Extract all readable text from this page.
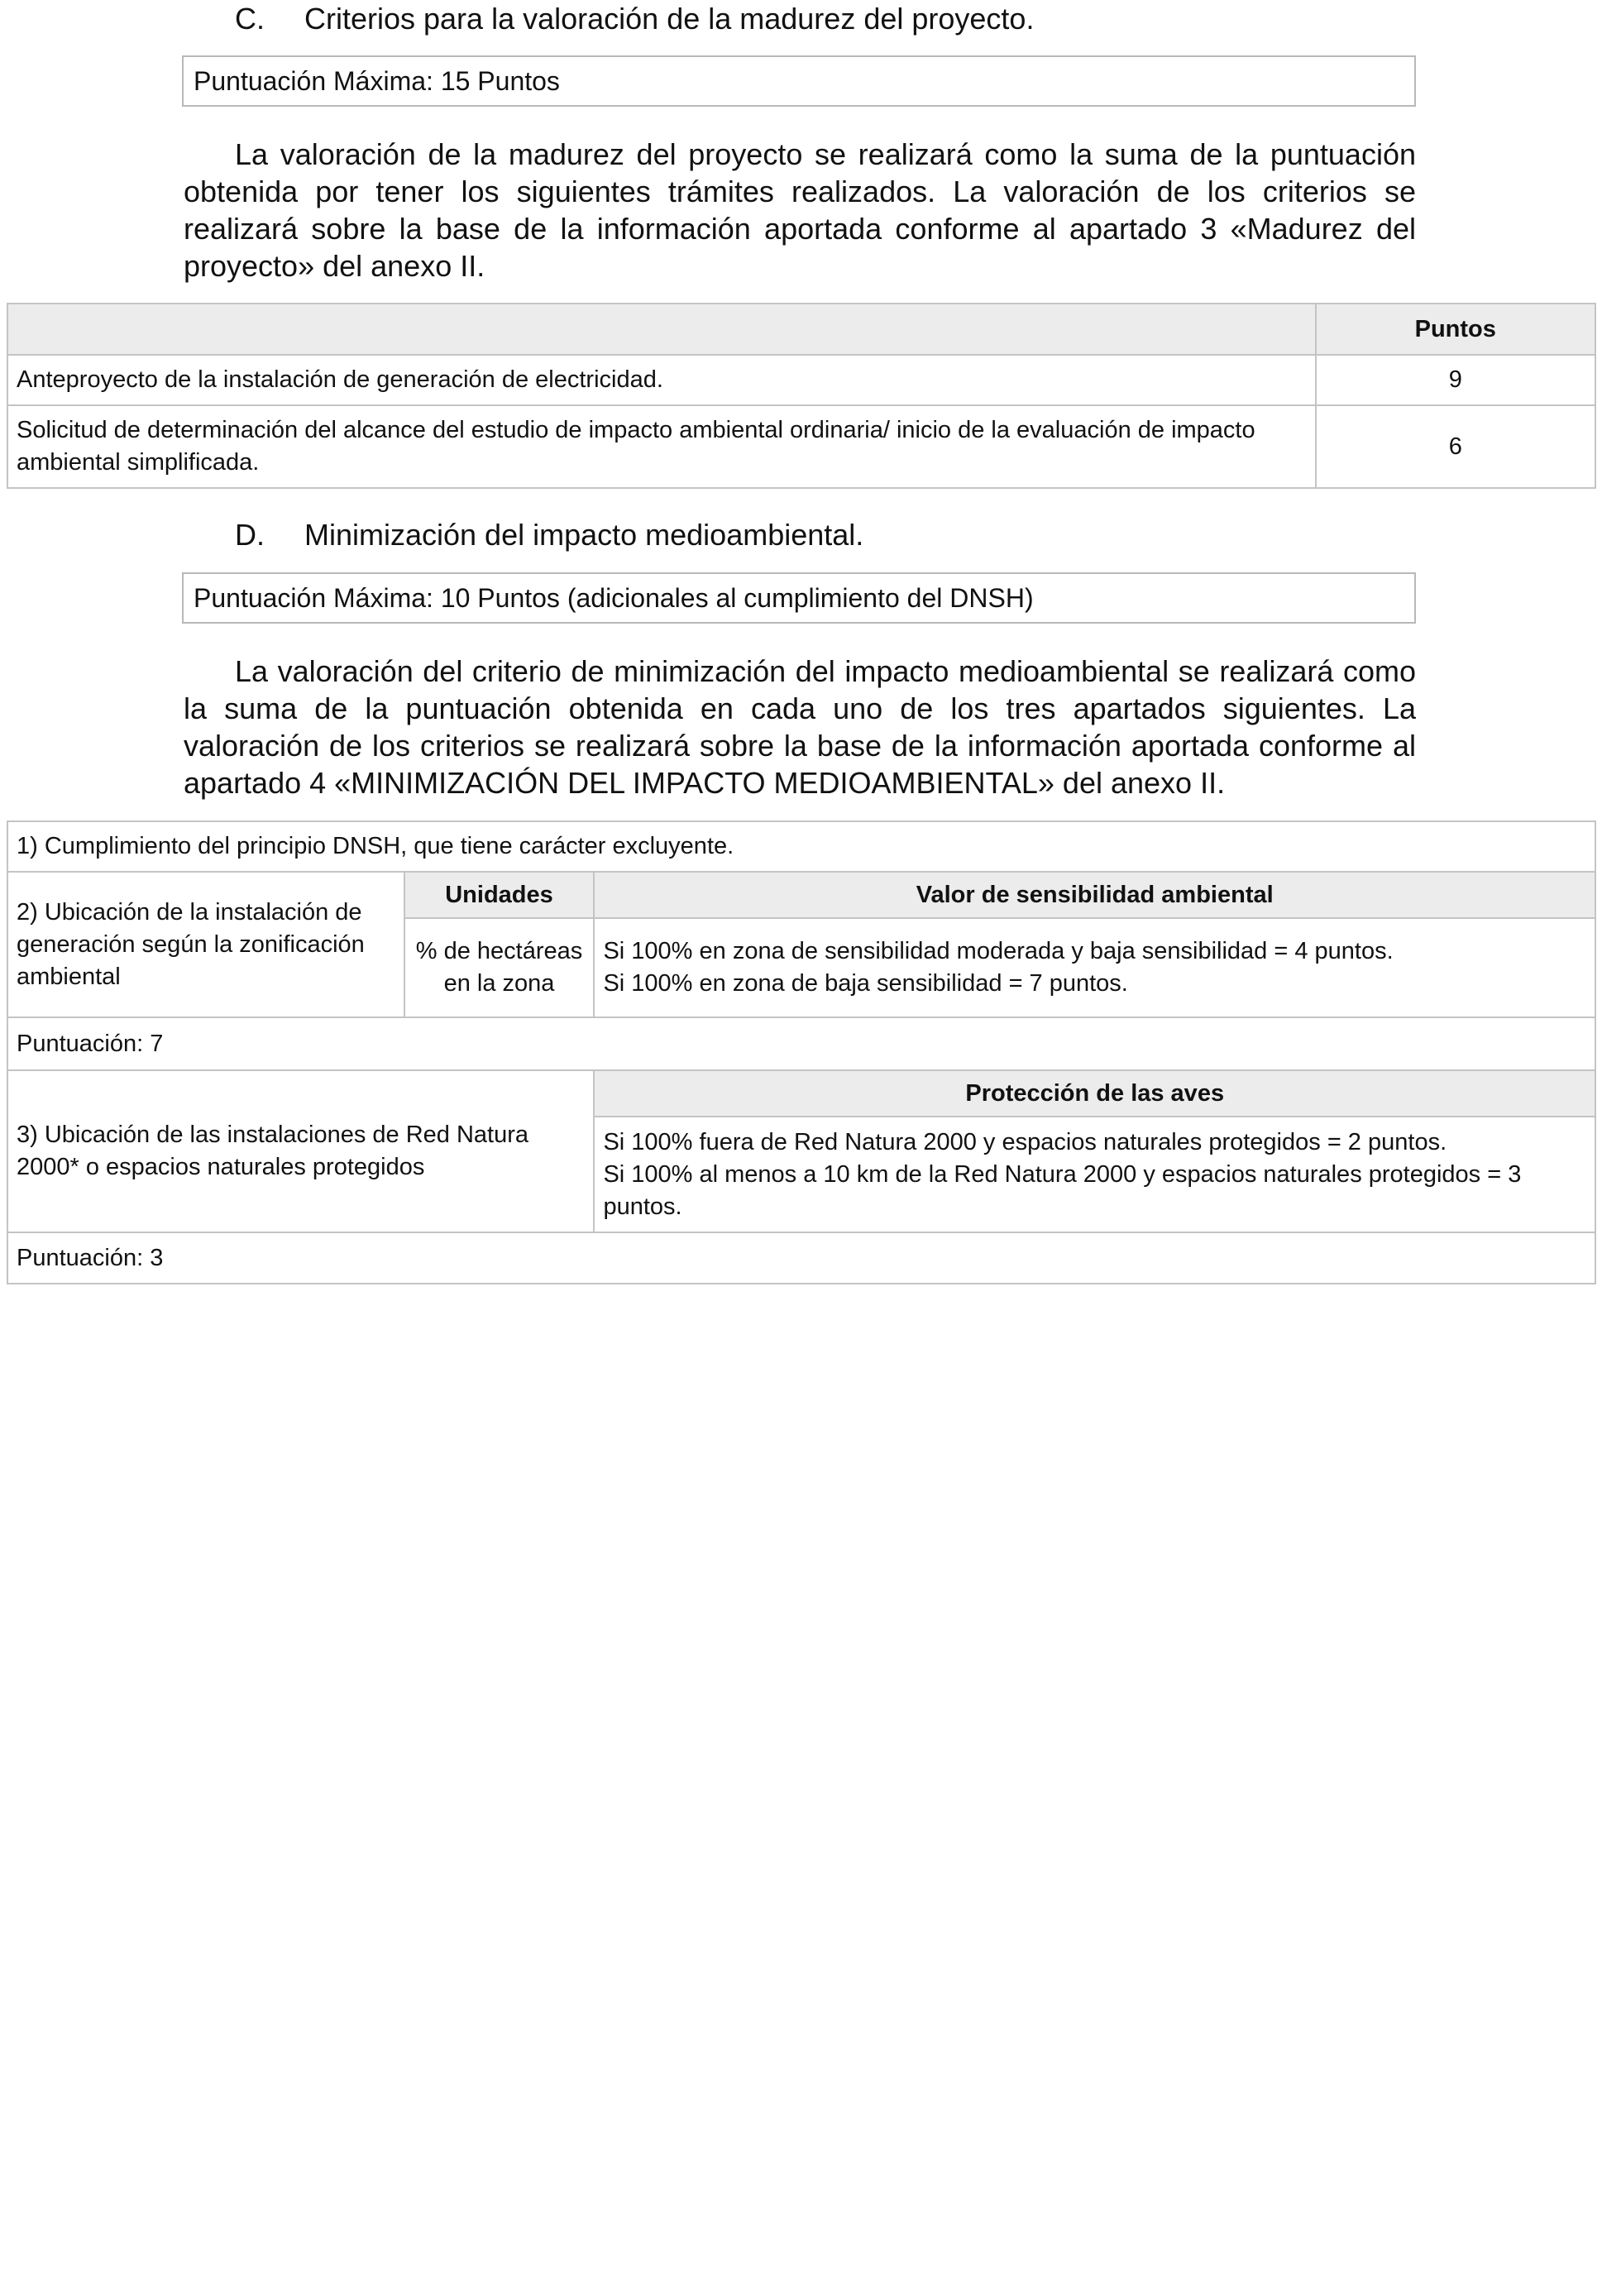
C. Criterios para la valoración de la madurez del proyecto.
Puntuación Máxima: 15 Puntos

La valoración de la madurez del proyecto se realizará como la suma de la puntuación obtenida por tener los siguientes trámites realizados. La valoración de los criterios se realizará sobre la base de la información aportada conforme al apartado 3 «Madurez del proyecto» del anexo II.

	Puntos
Anteproyecto de la instalación de generación de electricidad.	9
Solicitud de determinación del alcance del estudio de impacto ambiental ordinaria/ inicio de la evaluación de impacto ambiental simplificada.	6
D. Minimización del impacto medioambiental.
Puntuación Máxima: 10 Puntos (adicionales al cumplimiento del DNSH)

La valoración del criterio de minimización del impacto medioambiental se realizará como la suma de la puntuación obtenida en cada uno de los tres apartados siguientes. La valoración de los criterios se realizará sobre la base de la información aportada conforme al apartado 4 «MINIMIZACIÓN DEL IMPACTO MEDIOAMBIENTAL» del anexo II.

1) Cumplimiento del principio DNSH, que tiene carácter excluyente.		
2) Ubicación de la instalación de generación según la zonificación ambiental	Unidades	Valor de sensibilidad ambiental
	% de hectáreas en la zona	Si 100% en zona de sensibilidad moderada y baja sensibilidad = 4 puntos.
Si 100% en zona de baja sensibilidad = 7 puntos.

Puntuación: 7		
3) Ubicación de las instalaciones de Red Natura 2000* o espacios naturales protegidos		Protección de las aves

		Si 100% fuera de Red Natura 2000 y espacios naturales protegidos = 2 puntos.
Si 100% al menos a 10 km de la Red Natura 2000 y espacios naturales protegidos = 3 puntos.

Puntuación: 3		
